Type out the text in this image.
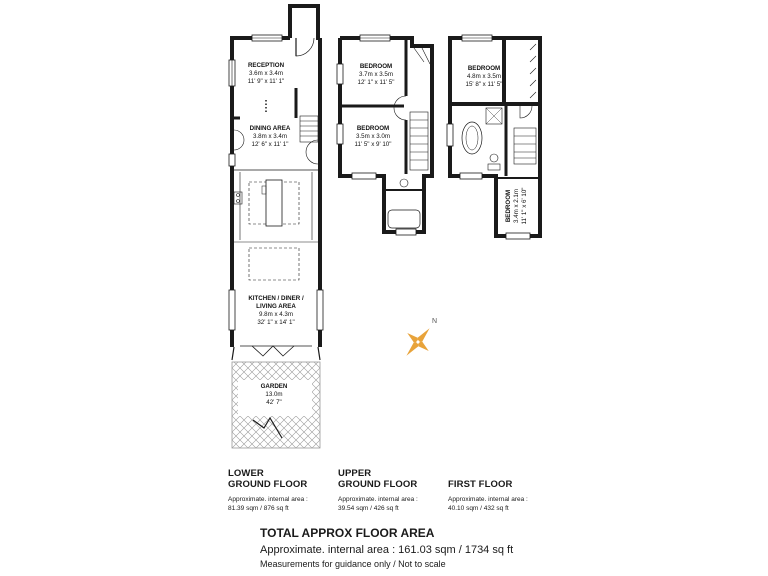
RECEPTION
3.6m x 3.4m
11' 9" x 11' 1"
DINING AREA
3.8m x 3.4m
12' 6" x 11' 1"
KITCHEN / DINER /
LIVING AREA
9.8m x 4.3m
32' 1" x 14' 1"
GARDEN
13.0m
42' 7"
BEDROOM
3.7m x 3.5m
12' 1" x 11' 5"
BEDROOM
3.5m x 3.0m
11' 5" x 9' 10"
BEDROOM
4.8m x 3.5m
15' 8" x 11' 5"
BEDROOM 3.4m x 2.1m 11' 1" x 6' 10"
N
LOWER
GROUND FLOOR
Approximate. internal area :
81.39 sqm / 876 sq ft
UPPER
GROUND FLOOR
Approximate. internal area :
39.54 sqm / 426 sq ft
FIRST FLOOR
Approximate. internal area :
40.10 sqm / 432 sq ft
TOTAL APPROX FLOOR AREA
Approximate. internal area : 161.03 sqm / 1734 sq ft
Measurements for guidance only / Not to scale
